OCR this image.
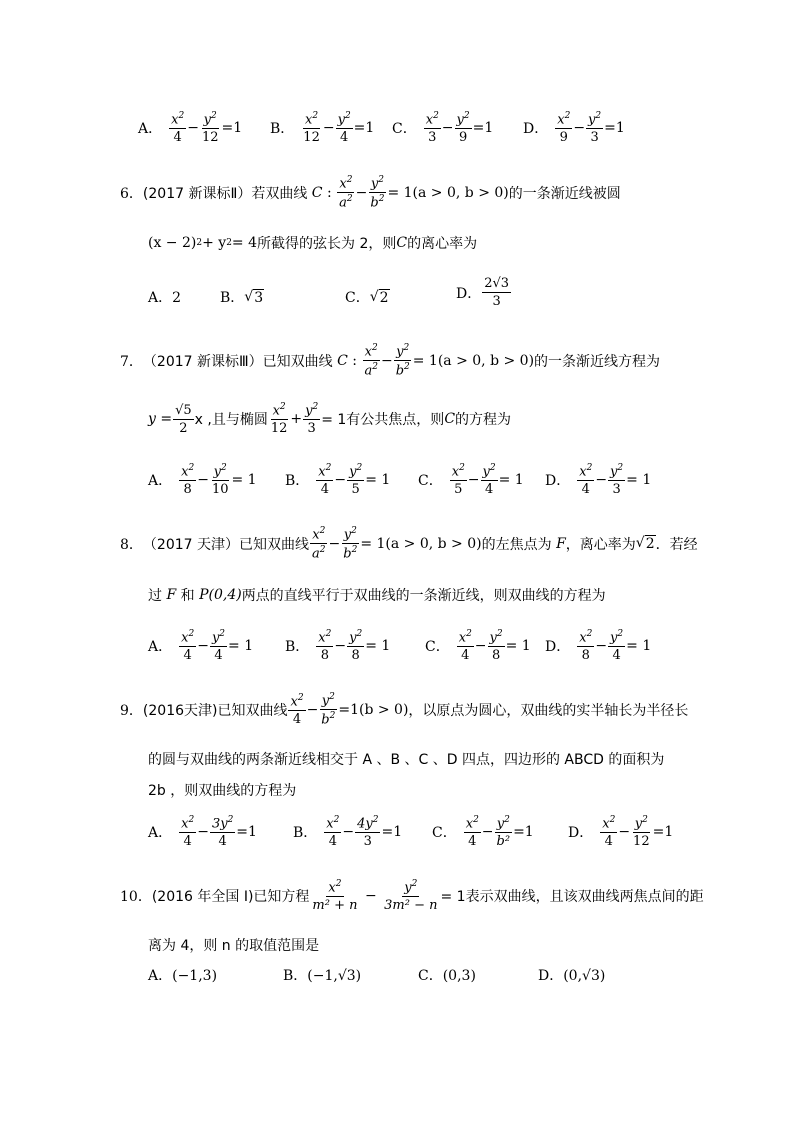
A． $\frac{x^2}{4} - \frac{y^2}{12} =1$ B． $\frac{x^2}{12} - \frac{y^2}{4} =1$ C． $\frac{x^2}{3} - \frac{y^2}{9} =1$ D． $\frac{x^2}{9} - \frac{y^2}{3} =1$
6． (2017 新课标Ⅱ）若双曲线 C : $\frac{x^2}{a^2} - \frac{y^2}{b^2} = 1(a > 0$, b > 0) 的一条渐近线被圆
(x − 2) 2 + y 2 = 4 所截得的弦长为 2，则 C 的离心率为
A．2	B． √ 3	C． √ 2	D． $\frac{2√3}{3}$
7． （2017 新课标Ⅲ）已知双曲线 C : $\frac{x^2}{a^2} - \frac{y^2}{b^2} = 1(a > 0$, b > 0) 的一条渐近线方程为
$y = \frac{√5}{2}$ x ,且与椭圆 $\frac{x^2}{12} + \frac{y^2}{3} = 1$有公共焦点，则 C 的方程为
A． $\frac{x^2}{8} - \frac{y^2}{10} = 1$ B． $\frac{x^2}{4} - \frac{y^2}{5} = 1$ C． $\frac{x^2}{5} - \frac{y^2}{4} = 1$ D． $\frac{x^2}{4} - \frac{y^2}{3} = 1$
8． （2017 天津）已知双曲线 $\frac{x^2}{a^2} - \frac{y^2}{b^2} = 1(a > 0$, b > 0) 的左焦点为
F ，离心率为 √ 2 ．若经
过
F
和
P(0,4) 两点的直线平行于双曲线的一条渐近线，则双曲线的方程为
A． $\frac{x^2}{4} - \frac{y^2}{4} = 1$ B． $\frac{x^2}{8} - \frac{y^2}{8} = 1$ C． $\frac{x^2}{4} - \frac{y^2}{8} = 1$ D． $\frac{x^2}{8} - \frac{y^2}{4} = 1$
9． (2016天津)已知双曲线 $\frac{x^2}{4} - \frac{y^2}{b^2} =1(b > 0)$ ，以原点为圆心，双曲线的实半轴长为半径长
的圆与双曲线的两条渐近线相交于 A 、B 、C 、D 四点，四边形的 ABCD 的面积为
2b ，则双曲线的方程为
A． $\frac{x^2}{4} - \frac{3y^2}{4} =1$	B． $\frac{x^2}{4} - \frac{4y^2}{3} =1$ C． $\frac{x^2}{4} - \frac{y^2}{\text{b²}} =1$ D． $\frac{x^2}{4} - \frac{y^2}{12} =1$
10． (2016 年全国 I)已知方程 $\frac{x^2}{\text{m² + n}} - \frac{y^2}{\text{3m² − n}} = 1$表示双曲线，且该双曲线两焦点间的距
离为 4，则 n 的取值范围是
A．(−1,3)	B．(−1,√3)	C．(0,3)	D．(0,√3)
